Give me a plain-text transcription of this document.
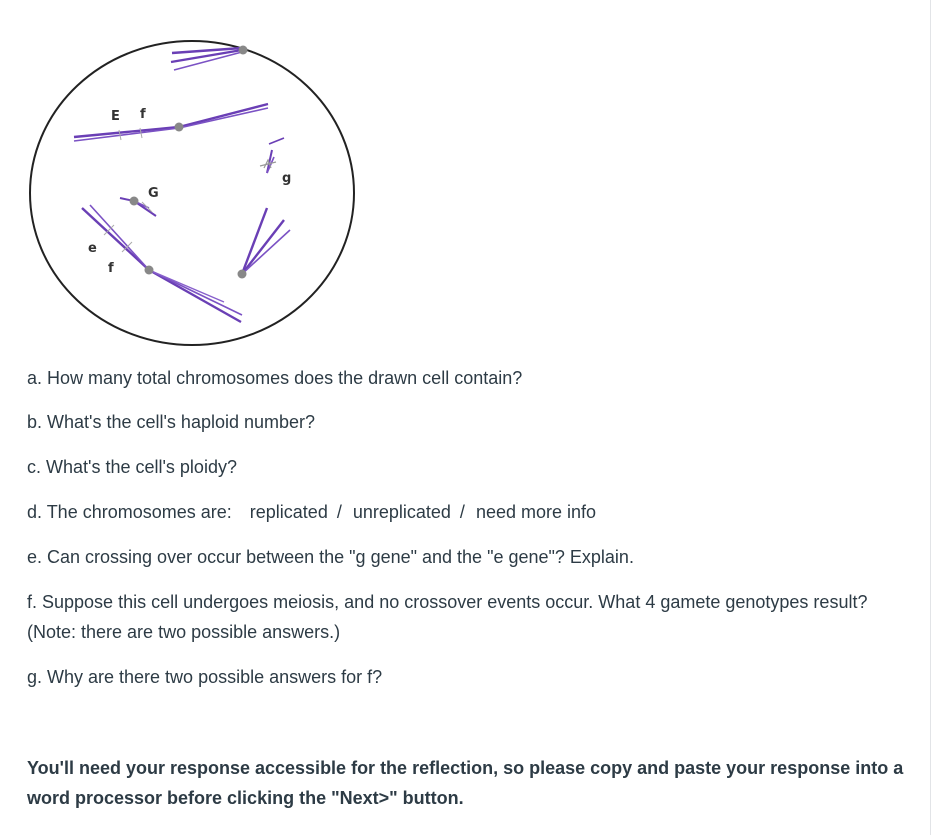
E f
G
g
e
f
a. How many total chromosomes does the drawn cell contain?
b. What's the cell's haploid number?
c. What's the cell's ploidy?
d. The chromosomes are: replicated / unreplicated / need more info
e. Can crossing over occur between the "g gene" and the "e gene"? Explain.
f. Suppose this cell undergoes meiosis, and no crossover events occur. What 4 gamete genotypes result? (Note: there are two possible answers.)
g. Why are there two possible answers for f?
You'll need your response accessible for the reflection, so please copy and paste your response into a word processor before clicking the "Next>" button.
